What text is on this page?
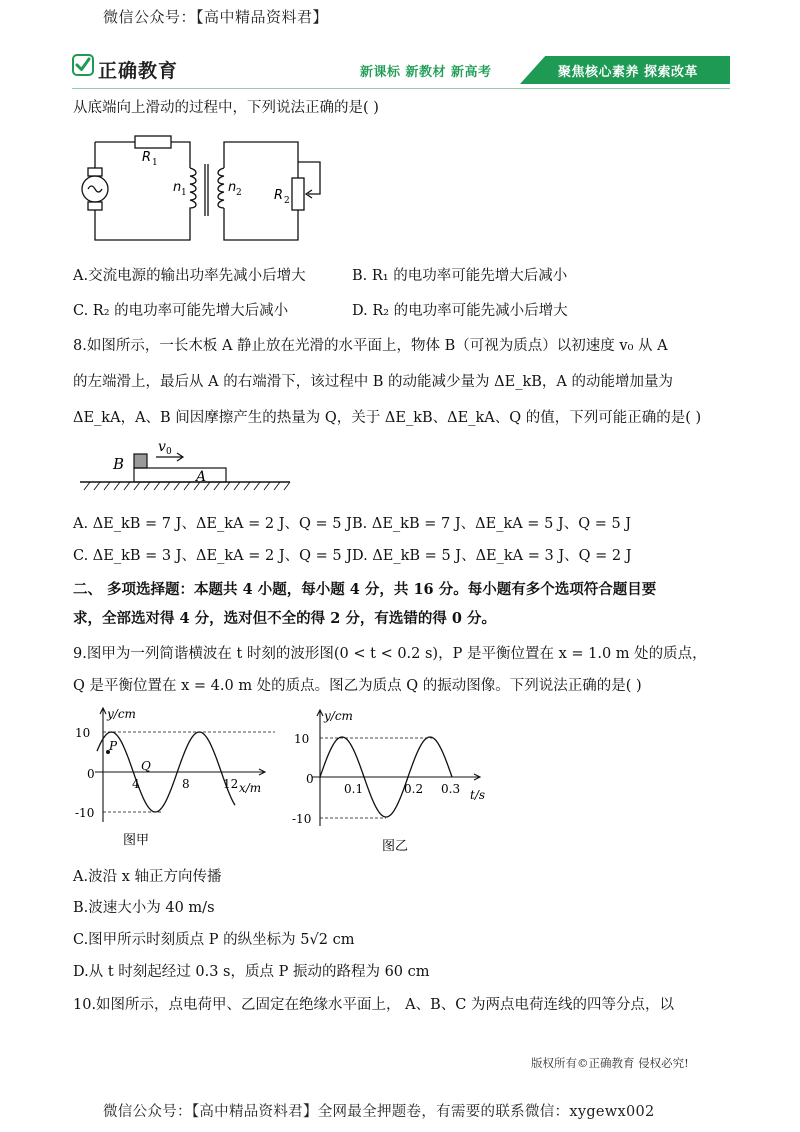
微信公众号：【高中精品资料君】
正确教育	新课标 新教材 新高考	聚焦核心素养 探索改革
从底端向上滑动的过程中，下列说法正确的是( )
R 1
n 1	n 2 R 2
A.交流电源的输出功率先减小后增大	B. R₁ 的电功率可能先增大后减小
C. R₂ 的电功率可能先增大后减小	D. R₂ 的电功率可能先减小后增大
8.如图所示，一长木板 A 静止放在光滑的水平面上，物体 B（可视为质点）以初速度 v₀ 从 A
的左端滑上，最后从 A 的右端滑下，该过程中 B 的动能减少量为 ΔE_kB，A 的动能增加量为
ΔE_kA，A、B 间因摩擦产生的热量为 Q，关于 ΔE_kB、ΔE_kA、Q 的值，下列可能正确的是( )
B
A
v 0
A. ΔE_kB = 7 J、ΔE_kA = 2 J、Q = 5 J B. ΔE_kB = 7 J、ΔE_kA = 5 J、Q = 5 J
C. ΔE_kB = 3 J、ΔE_kA = 2 J、Q = 5 J D. ΔE_kB = 5 J、ΔE_kA = 3 J、Q = 2 J
二、 多项选择题：本题共 4 小题，每小题 4 分，共 16 分。每小题有多个选项符合题目要
求，全部选对得 4 分，选对但不全的得 2 分，有选错的得 0 分。
9.图甲为一列简谐横波在 t 时刻的波形图(0 < t < 0.2 s)，P 是平衡位置在 x = 1.0 m 处的质点，
Q 是平衡位置在 x = 4.0 m 处的质点。图乙为质点 Q 的振动图像。下列说法正确的是( )
y/cm
10
-10
0
4	8	12 x/m
P
Q
图甲
y/cm
10
-10
0
0.1	0.2 0.3 t/s
图乙
A.波沿 x 轴正方向传播
B.波速大小为 40 m/s
C.图甲所示时刻质点 P 的纵坐标为 5√2 cm
D.从 t 时刻起经过 0.3 s，质点 P 振动的路程为 60 cm
10.如图所示，点电荷甲、乙固定在绝缘水平面上， A、B、C 为两点电荷连线的四等分点，以
版权所有©正确教育 侵权必究!
微信公众号：【高中精品资料君】全网最全押题卷，有需要的联系微信：xygewx002
